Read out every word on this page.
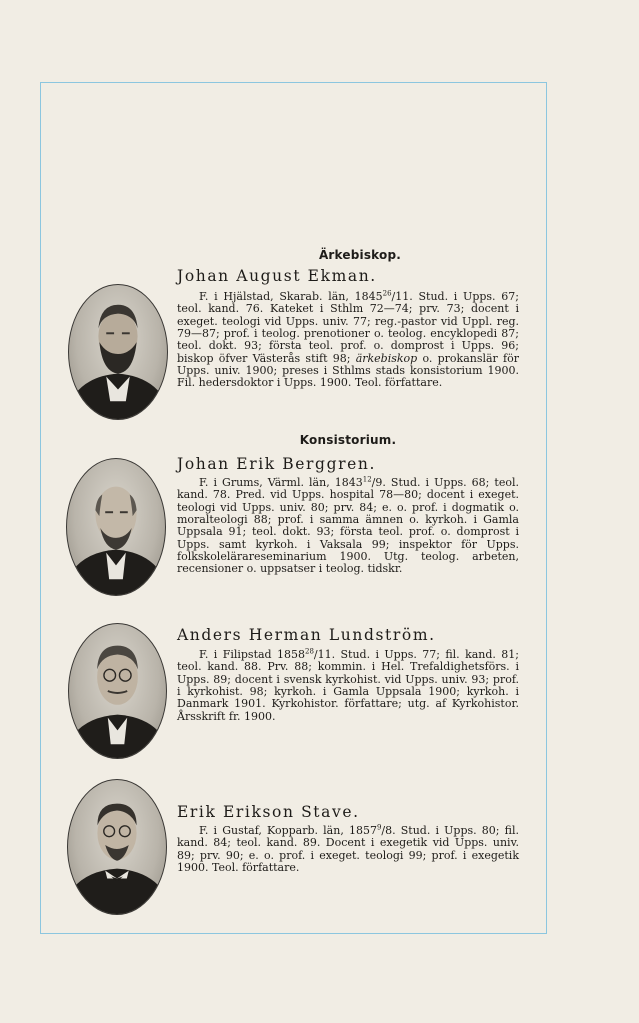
Ärkebiskop.
Johan August Ekman.
F. i Hjälstad, Skarab. län, 1845$^{26}$/11. Stud. i Upps. 67; teol. kand. 76. Kateket i Sthlm 72—74; prv. 73; docent i exeget. teologi vid Upps. univ. 77; reg.-pastor vid Uppl. reg. 79—87; prof. i teolog. prenotioner o. teolog. encyklopedi 87; teol. dokt. 93; första teol. prof. o. domprost i Upps. 96; biskop öfver Västerås stift 98; ärkebiskop o. prokanslär för Upps. univ. 1900; preses i Sthlms stads konsistorium 1900. Fil. hedersdoktor i Upps. 1900. Teol. författare.
Konsistorium.
Johan Erik Berggren.
F. i Grums, Värml. län, 1843$^{12}$/9. Stud. i Upps. 68; teol. kand. 78. Pred. vid Upps. hospital 78—80; docent i exeget. teologi vid Upps. univ. 80; prv. 84; e. o. prof. i dogmatik o. moralteologi 88; prof. i samma ämnen o. kyrkoh. i Gamla Uppsala 91; teol. dokt. 93; första teol. prof. o. domprost i Upps. samt kyrkoh. i Vaksala 99; inspektor för Upps. folkskolelärareseminarium 1900. Utg. teolog. arbeten, recensioner o. uppsatser i teolog. tidskr.
Anders Herman Lundström.
F. i Filipstad 1858$^{28}$/11. Stud. i Upps. 77; fil. kand. 81; teol. kand. 88. Prv. 88; kommin. i Hel. Trefaldighetsförs. i Upps. 89; docent i svensk kyrkohist. vid Upps. univ. 93; prof. i kyrkohist. 98; kyrkoh. i Gamla Uppsala 1900; kyrkoh. i Danmark 1901. Kyrkohistor. författare; utg. af Kyrkohistor. Årsskrift fr. 1900.
Erik Erikson Stave.
F. i Gustaf, Kopparb. län, 1857$^9$/8. Stud. i Upps. 80; fil. kand. 84; teol. kand. 89. Docent i exegetik vid Upps. univ. 89; prv. 90; e. o. prof. i exeget. teologi 99; prof. i exegetik 1900. Teol. författare.
